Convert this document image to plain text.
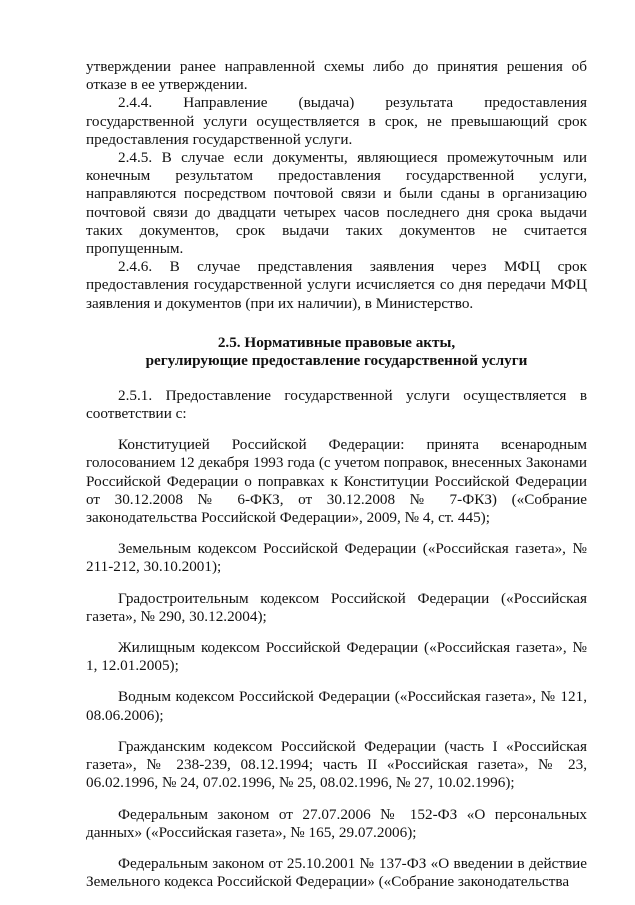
утверждении ранее направленной схемы либо до принятия решения об отказе в ее утверждении.

2.4.4. Направление (выдача) результата предоставления государственной услуги осуществляется в срок, не превышающий срок предоставления государственной услуги.

2.4.5. В случае если документы, являющиеся промежуточным или конечным результатом предоставления государственной услуги, направляются посредством почтовой связи и были сданы в организацию почтовой связи до двадцати четырех часов последнего дня срока выдачи таких документов, срок выдачи таких документов не считается пропущенным.

2.4.6. В случае представления заявления через МФЦ срок предоставления государственной услуги исчисляется со дня передачи МФЦ заявления и документов (при их наличии), в Министерство.

2.5. Нормативные правовые акты,
регулирующие предоставление государственной услуги

2.5.1. Предоставление государственной услуги осуществляется в соответствии с:

Конституцией Российской Федерации: принята всенародным голосованием 12 декабря 1993 года (с учетом поправок, внесенных Законами Российской Федерации о поправках к Конституции Российской Федерации от 30.12.2008 № 6-ФКЗ, от 30.12.2008 № 7-ФКЗ) («Собрание законодательства Российской Федерации», 2009, № 4, ст. 445);

Земельным кодексом Российской Федерации («Российская газета», № 211-212, 30.10.2001);

Градостроительным кодексом Российской Федерации («Российская газета», № 290, 30.12.2004);

Жилищным кодексом Российской Федерации («Российская газета», № 1, 12.01.2005);

Водным кодексом Российской Федерации («Российская газета», № 121, 08.06.2006);

Гражданским кодексом Российской Федерации (часть I «Российская газета», № 238-239, 08.12.1994; часть II «Российская газета», № 23, 06.02.1996, № 24, 07.02.1996, № 25, 08.02.1996, № 27, 10.02.1996);

Федеральным законом от 27.07.2006 № 152-ФЗ «О персональных данных» («Российская газета», № 165, 29.07.2006);

Федеральным законом от 25.10.2001 № 137-ФЗ «О введении в действие Земельного кодекса Российской Федерации» («Собрание законодательства
